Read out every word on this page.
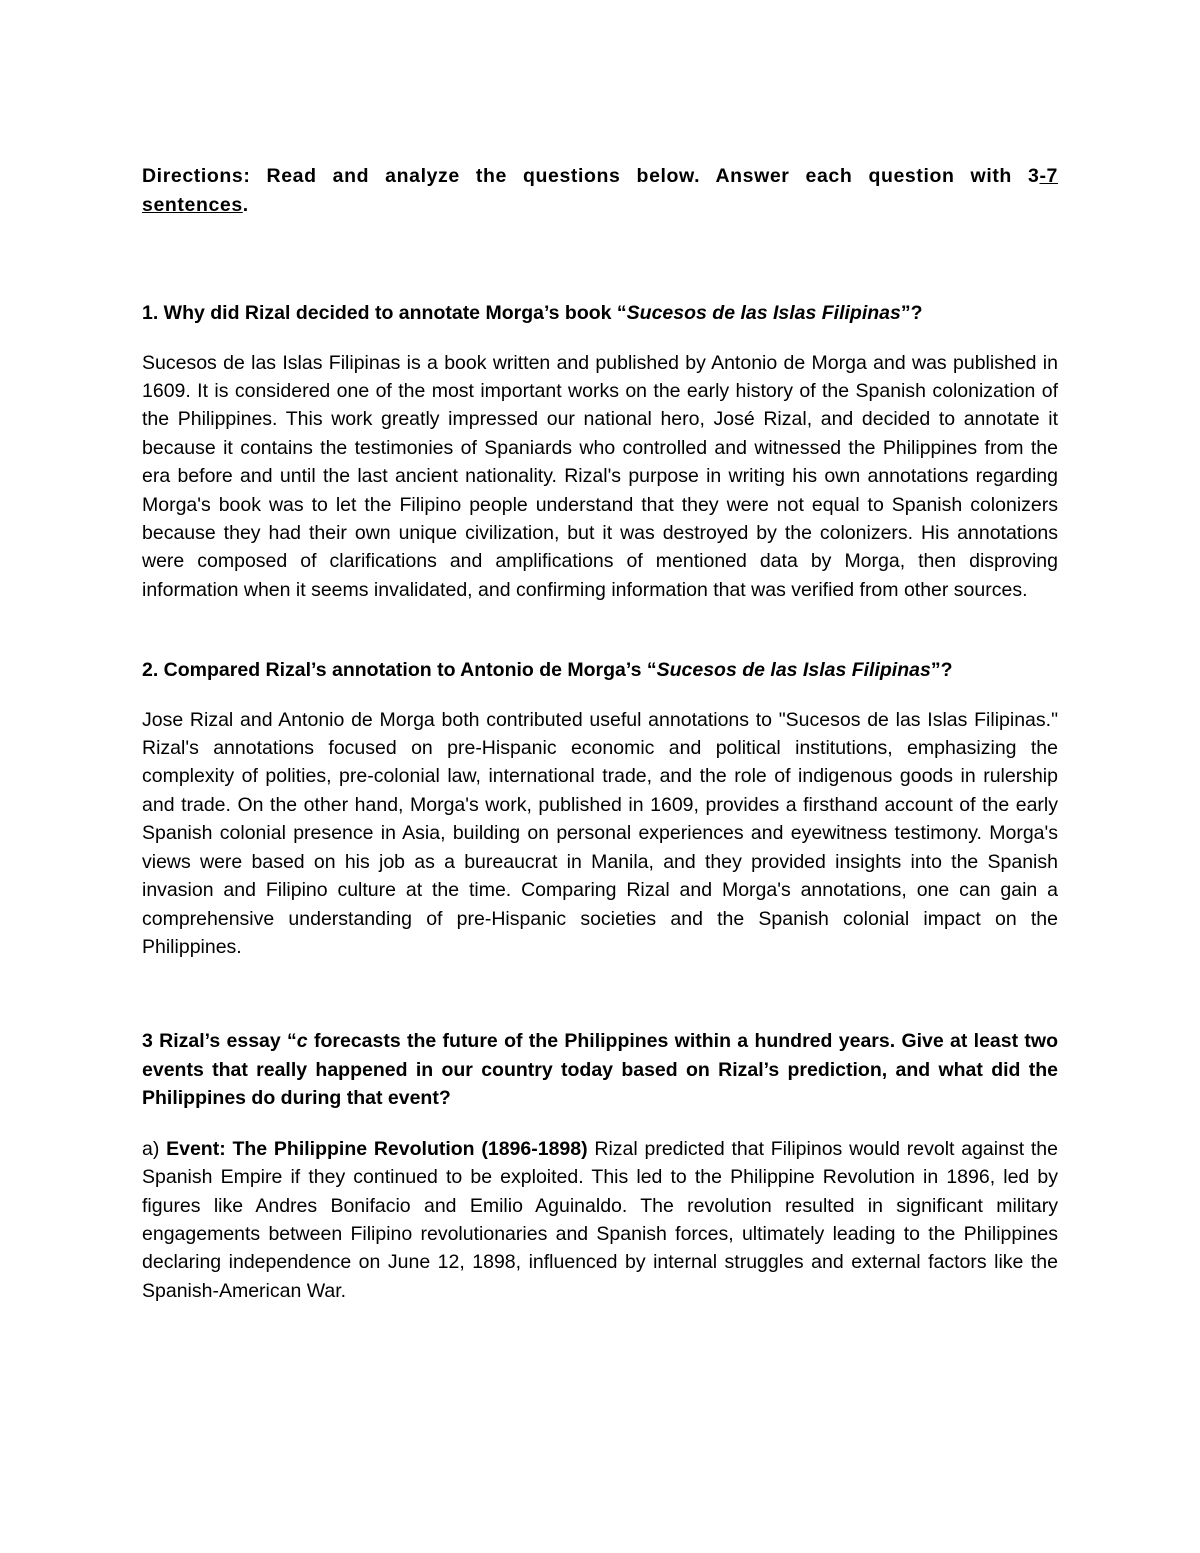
Directions: Read and analyze the questions below. Answer each question with 3-7 sentences.

1. Why did Rizal decided to annotate Morga’s book “Sucesos de las Islas Filipinas”?

Sucesos de las Islas Filipinas is a book written and published by Antonio de Morga and was published in 1609. It is considered one of the most important works on the early history of the Spanish colonization of the Philippines. This work greatly impressed our national hero, José Rizal, and decided to annotate it because it contains the testimonies of Spaniards who controlled and witnessed the Philippines from the era before and until the last ancient nationality. Rizal's purpose in writing his own annotations regarding Morga's book was to let the Filipino people understand that they were not equal to Spanish colonizers because they had their own unique civilization, but it was destroyed by the colonizers. His annotations were composed of clarifications and amplifications of mentioned data by Morga, then disproving information when it seems invalidated, and confirming information that was verified from other sources.

2. Compared Rizal’s annotation to Antonio de Morga’s “Sucesos de las Islas Filipinas”?

Jose Rizal and Antonio de Morga both contributed useful annotations to "Sucesos de las Islas Filipinas." Rizal's annotations focused on pre-Hispanic economic and political institutions, emphasizing the complexity of polities, pre-colonial law, international trade, and the role of indigenous goods in rulership and trade. On the other hand, Morga's work, published in 1609, provides a firsthand account of the early Spanish colonial presence in Asia, building on personal experiences and eyewitness testimony. Morga's views were based on his job as a bureaucrat in Manila, and they provided insights into the Spanish invasion and Filipino culture at the time. Comparing Rizal and Morga's annotations, one can gain a comprehensive understanding of pre-Hispanic societies and the Spanish colonial impact on the Philippines.

3 Rizal’s essay “c forecasts the future of the Philippines within a hundred years. Give at least two events that really happened in our country today based on Rizal’s prediction, and what did the Philippines do during that event?

a) Event: The Philippine Revolution (1896-1898) Rizal predicted that Filipinos would revolt against the Spanish Empire if they continued to be exploited. This led to the Philippine Revolution in 1896, led by figures like Andres Bonifacio and Emilio Aguinaldo. The revolution resulted in significant military engagements between Filipino revolutionaries and Spanish forces, ultimately leading to the Philippines declaring independence on June 12, 1898, influenced by internal struggles and external factors like the Spanish-American War.
